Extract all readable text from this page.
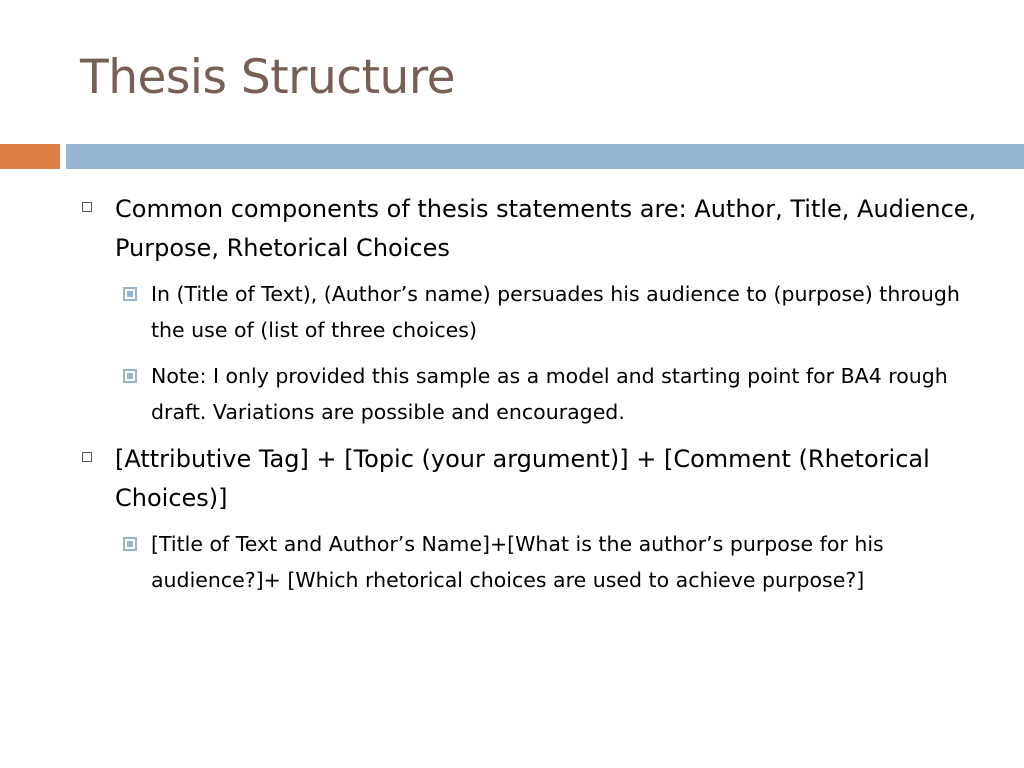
Thesis Structure
Common components of thesis statements are: Author, Title, Audience, Purpose, Rhetorical Choices
In (Title of Text), (Author’s name) persuades his audience to (purpose) through the use of (list of three choices)
Note: I only provided this sample as a model and starting point for BA4 rough draft. Variations are possible and encouraged.
[Attributive Tag] + [Topic (your argument)] + [Comment (Rhetorical Choices)]
[Title of Text and Author’s Name]+[What is the author’s purpose for his audience?]+ [Which rhetorical choices are used to achieve purpose?]
